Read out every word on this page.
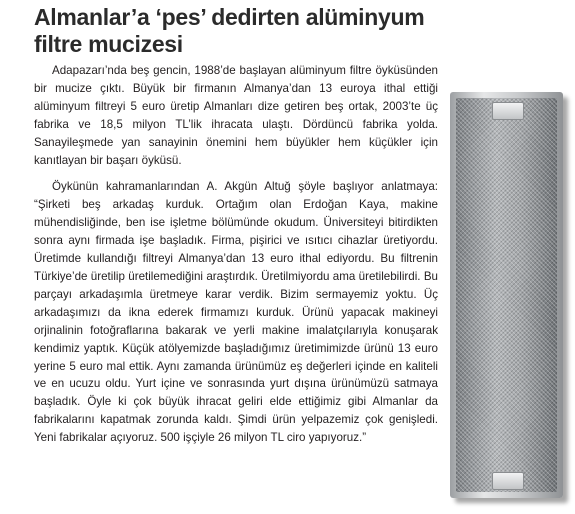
Almanlar’a ‘pes’ dedirten alüminyum
filtre mucizesi

Adapazarı’nda beş gencin, 1988’de başlayan alüminyum filtre öyküsünden bir mucize çıktı. Büyük bir firmanın Almanya’dan 13 euroya ithal ettiği alüminyum filtreyi 5 euro üretip Almanları dize getiren beş ortak, 2003’te üç fabrika ve 18,5 milyon TL’lik ihracata ulaştı. Dördüncü fabrika yolda. Sanayileşmede yan sanayinin önemini hem büyükler hem küçükler için kanıtlayan bir başarı öyküsü.

Öykünün kahramanlarından A. Akgün Altuğ şöyle başlıyor anlatmaya: “Şirketi beş arkadaş kurduk. Ortağım olan Erdoğan Kaya, makine mühendisliğinde, ben ise işletme bölümünde okudum. Üniversiteyi bitirdikten sonra aynı firmada işe başladık. Firma, pişirici ve ısıtıcı cihazlar üretiyordu. Üretimde kullandığı filtreyi Almanya’dan 13 euro ithal ediyordu. Bu filtrenin Türkiye’de üretilip üretilemediğini araştırdık. Üretilmiyordu ama üretilebilirdi. Bu parçayı arkadaşımla üretmeye karar verdik. Bizim sermayemiz yoktu. Üç arkadaşımızı da ikna ederek firmamızı kurduk. Ürünü yapacak makineyi orjinalinin fotoğraflarına bakarak ve yerli makine imalatçılarıyla konuşarak kendimiz yaptık. Küçük atölyemizde başladığımız üretimimizde ürünü 13 euro yerine 5 euro mal ettik. Aynı zamanda ürünümüz eş değerleri içinde en kaliteli ve en ucuzu oldu. Yurt içine ve sonrasında yurt dışına ürünümüzü satmaya başladık. Öyle ki çok büyük ihracat geliri elde ettiğimiz gibi Almanlar da fabrikalarını kapatmak zorunda kaldı. Şimdi ürün yelpazemiz çok genişledi. Yeni fabrikalar açıyoruz. 500 işçiyle 26 milyon TL ciro yapıyoruz.”
